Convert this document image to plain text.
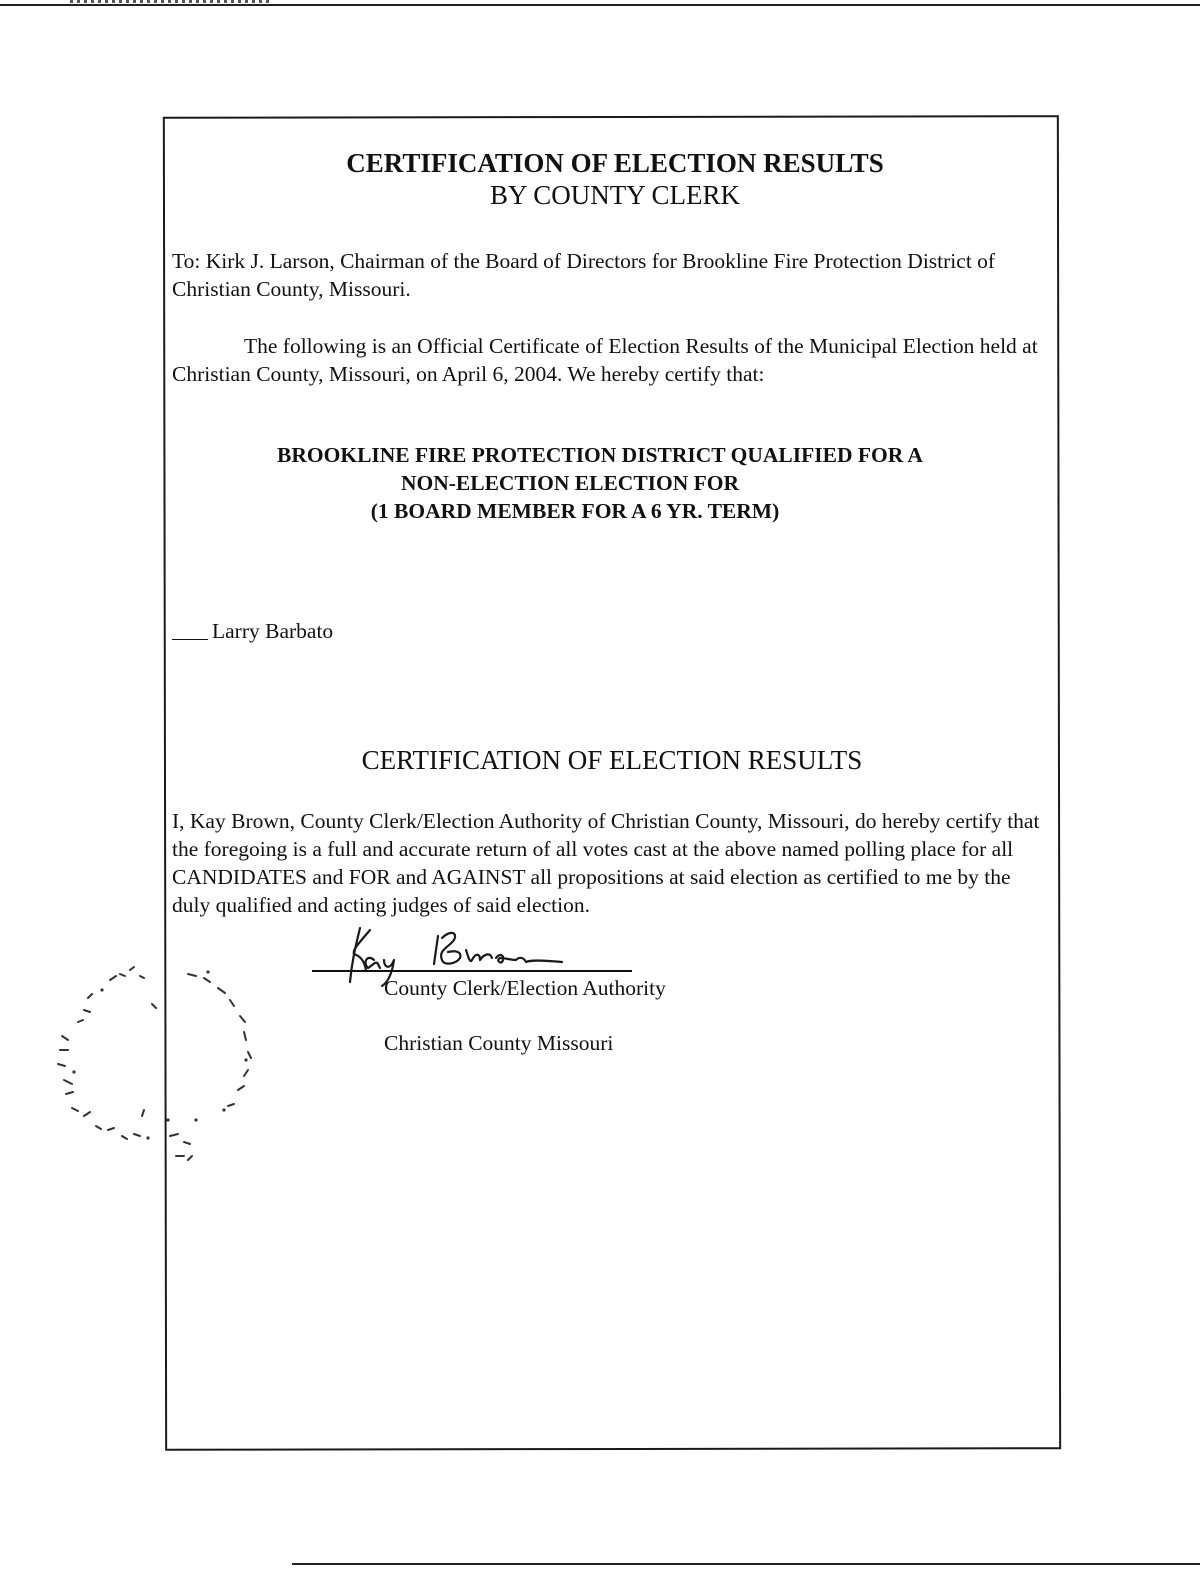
CERTIFICATION OF ELECTION RESULTS
BY COUNTY CLERK
To: Kirk J. Larson, Chairman of the Board of Directors for Brookline Fire Protection District of Christian County, Missouri.
The following is an Official Certificate of Election Results of the Municipal Election held at Christian County, Missouri, on April 6, 2004. We hereby certify that:
BROOKLINE FIRE PROTECTION DISTRICT QUALIFIED FOR A
NON-ELECTION ELECTION FOR
(1 BOARD MEMBER FOR A 6 YR. TERM)
Larry Barbato
CERTIFICATION OF ELECTION RESULTS
I, Kay Brown, County Clerk/Election Authority of Christian County, Missouri, do hereby certify that the foregoing is a full and accurate return of all votes cast at the above named polling place for all CANDIDATES and FOR and AGAINST all propositions at said election as certified to me by the duly qualified and acting judges of said election.
County Clerk/Election Authority
Christian County Missouri
